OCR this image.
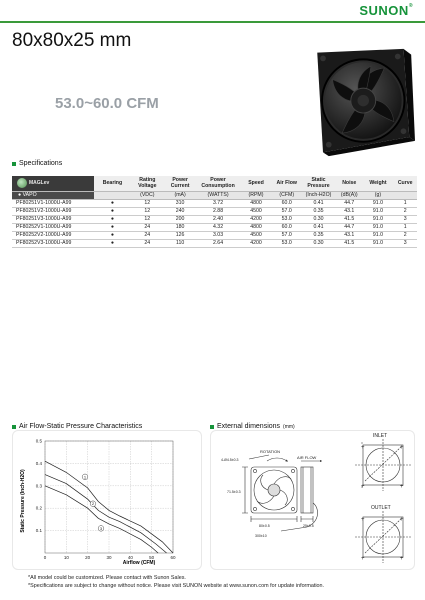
SUNON®
80x80x25 mm
53.0~60.0 CFM
Specifications
MAGLev	Bearing	Rating Voltage	Power Current	Power Consumption	Speed	Air Flow	Static Pressure	Noise	Weight	Curve
● VAPO		(VDC)	(mA)	(WATTS)	(RPM)	(CFM)	(Inch-H2O)	(dB(A))	(g)	
PF80251V1-1000U-A99	●	12	310	3.72	4800	60.0	0.41	44.7	91.0	1
PF80251V2-1000U-A99	●	12	240	2.88	4500	57.0	0.35	43.1	91.0	2
PF80251V3-1000U-A99	●	12	200	2.40	4200	53.0	0.30	41.5	91.0	3
PF80252V1-1000U-A99	●	24	180	4.32	4800	60.0	0.41	44.7	91.0	1
PF80252V2-1000U-A99	●	24	126	3.03	4500	57.0	0.35	43.1	91.0	2
PF80252V3-1000U-A99	●	24	110	2.64	4200	53.0	0.30	41.5	91.0	3
Air Flow-Static Pressure Characteristics
1
2
3
0	10	20	30	40	50	60
0.1
0.2
0.3
0.4
0.5
Static Pressure (Inch-H2O)
Airflow (CFM)
External dimensions (mm)
ROTATION
AIR FLOW
4-Ø4.5±0.3
80±0.5
71.5±0.3
25±0.5
300±10
INLET
+	+
+	+
OUTLET
+	+
+	+
*All model could be customized. Please contact with Sunon Sales.
*Specifications are subject to change without notice. Please visit SUNON website at www.sunon.com for update information.
